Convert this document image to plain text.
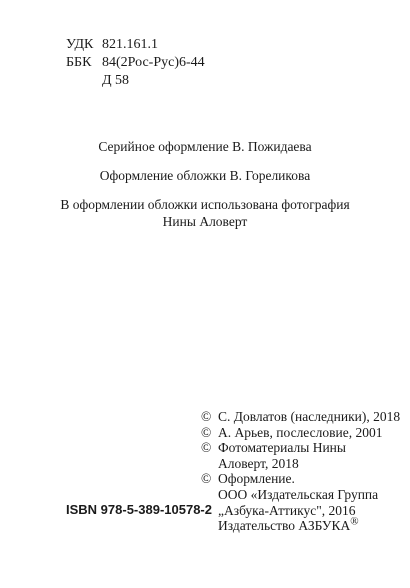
УДК 821.161.1
ББК 84(2Рос-Рус)6-44
Д 58
Серийное оформление В. Пожидаева
Оформление обложки В. Гореликова
В оформлении обложки использована фотография
Нины Аловерт
© С. Довлатов (наследники), 2018
© А. Арьев, послесловие, 2001
© Фотоматериалы Нины
Аловерт, 2018
© Оформление.
ООО «Издательская Группа
„Азбука-Аттикус", 2016
Издательство АЗБУКА®
ISBN 978-5-389-10578-2
